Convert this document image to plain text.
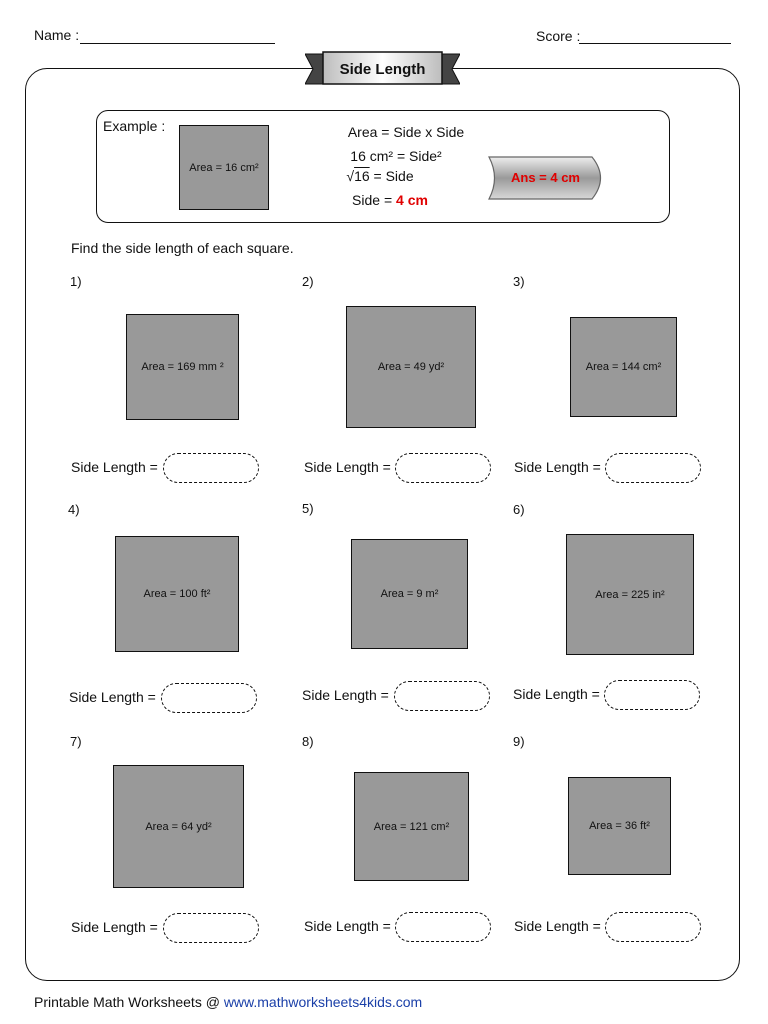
Name :	Score :
Side Length
Example :
Area = 16 cm²
Area = Side x Side
16 cm² = Side²
√16 = Side
Side = 4 cm
Ans = 4 cm
Find the side length of each square.
1)	2)	3)
Area = 169 mm ²	Area = 49 yd²	Area = 144 cm²
Side Length =	Side Length =	Side Length =
4)	5)	6)
Area = 100 ft²	Area = 9 m²	Area = 225 in²
Side Length =	Side Length =	Side Length =
7)	8)	9)
Area = 64 yd²	Area = 121 cm²	Area = 36 ft²
Side Length =	Side Length =	Side Length =
Printable Math Worksheets @ www.mathworksheets4kids.com
